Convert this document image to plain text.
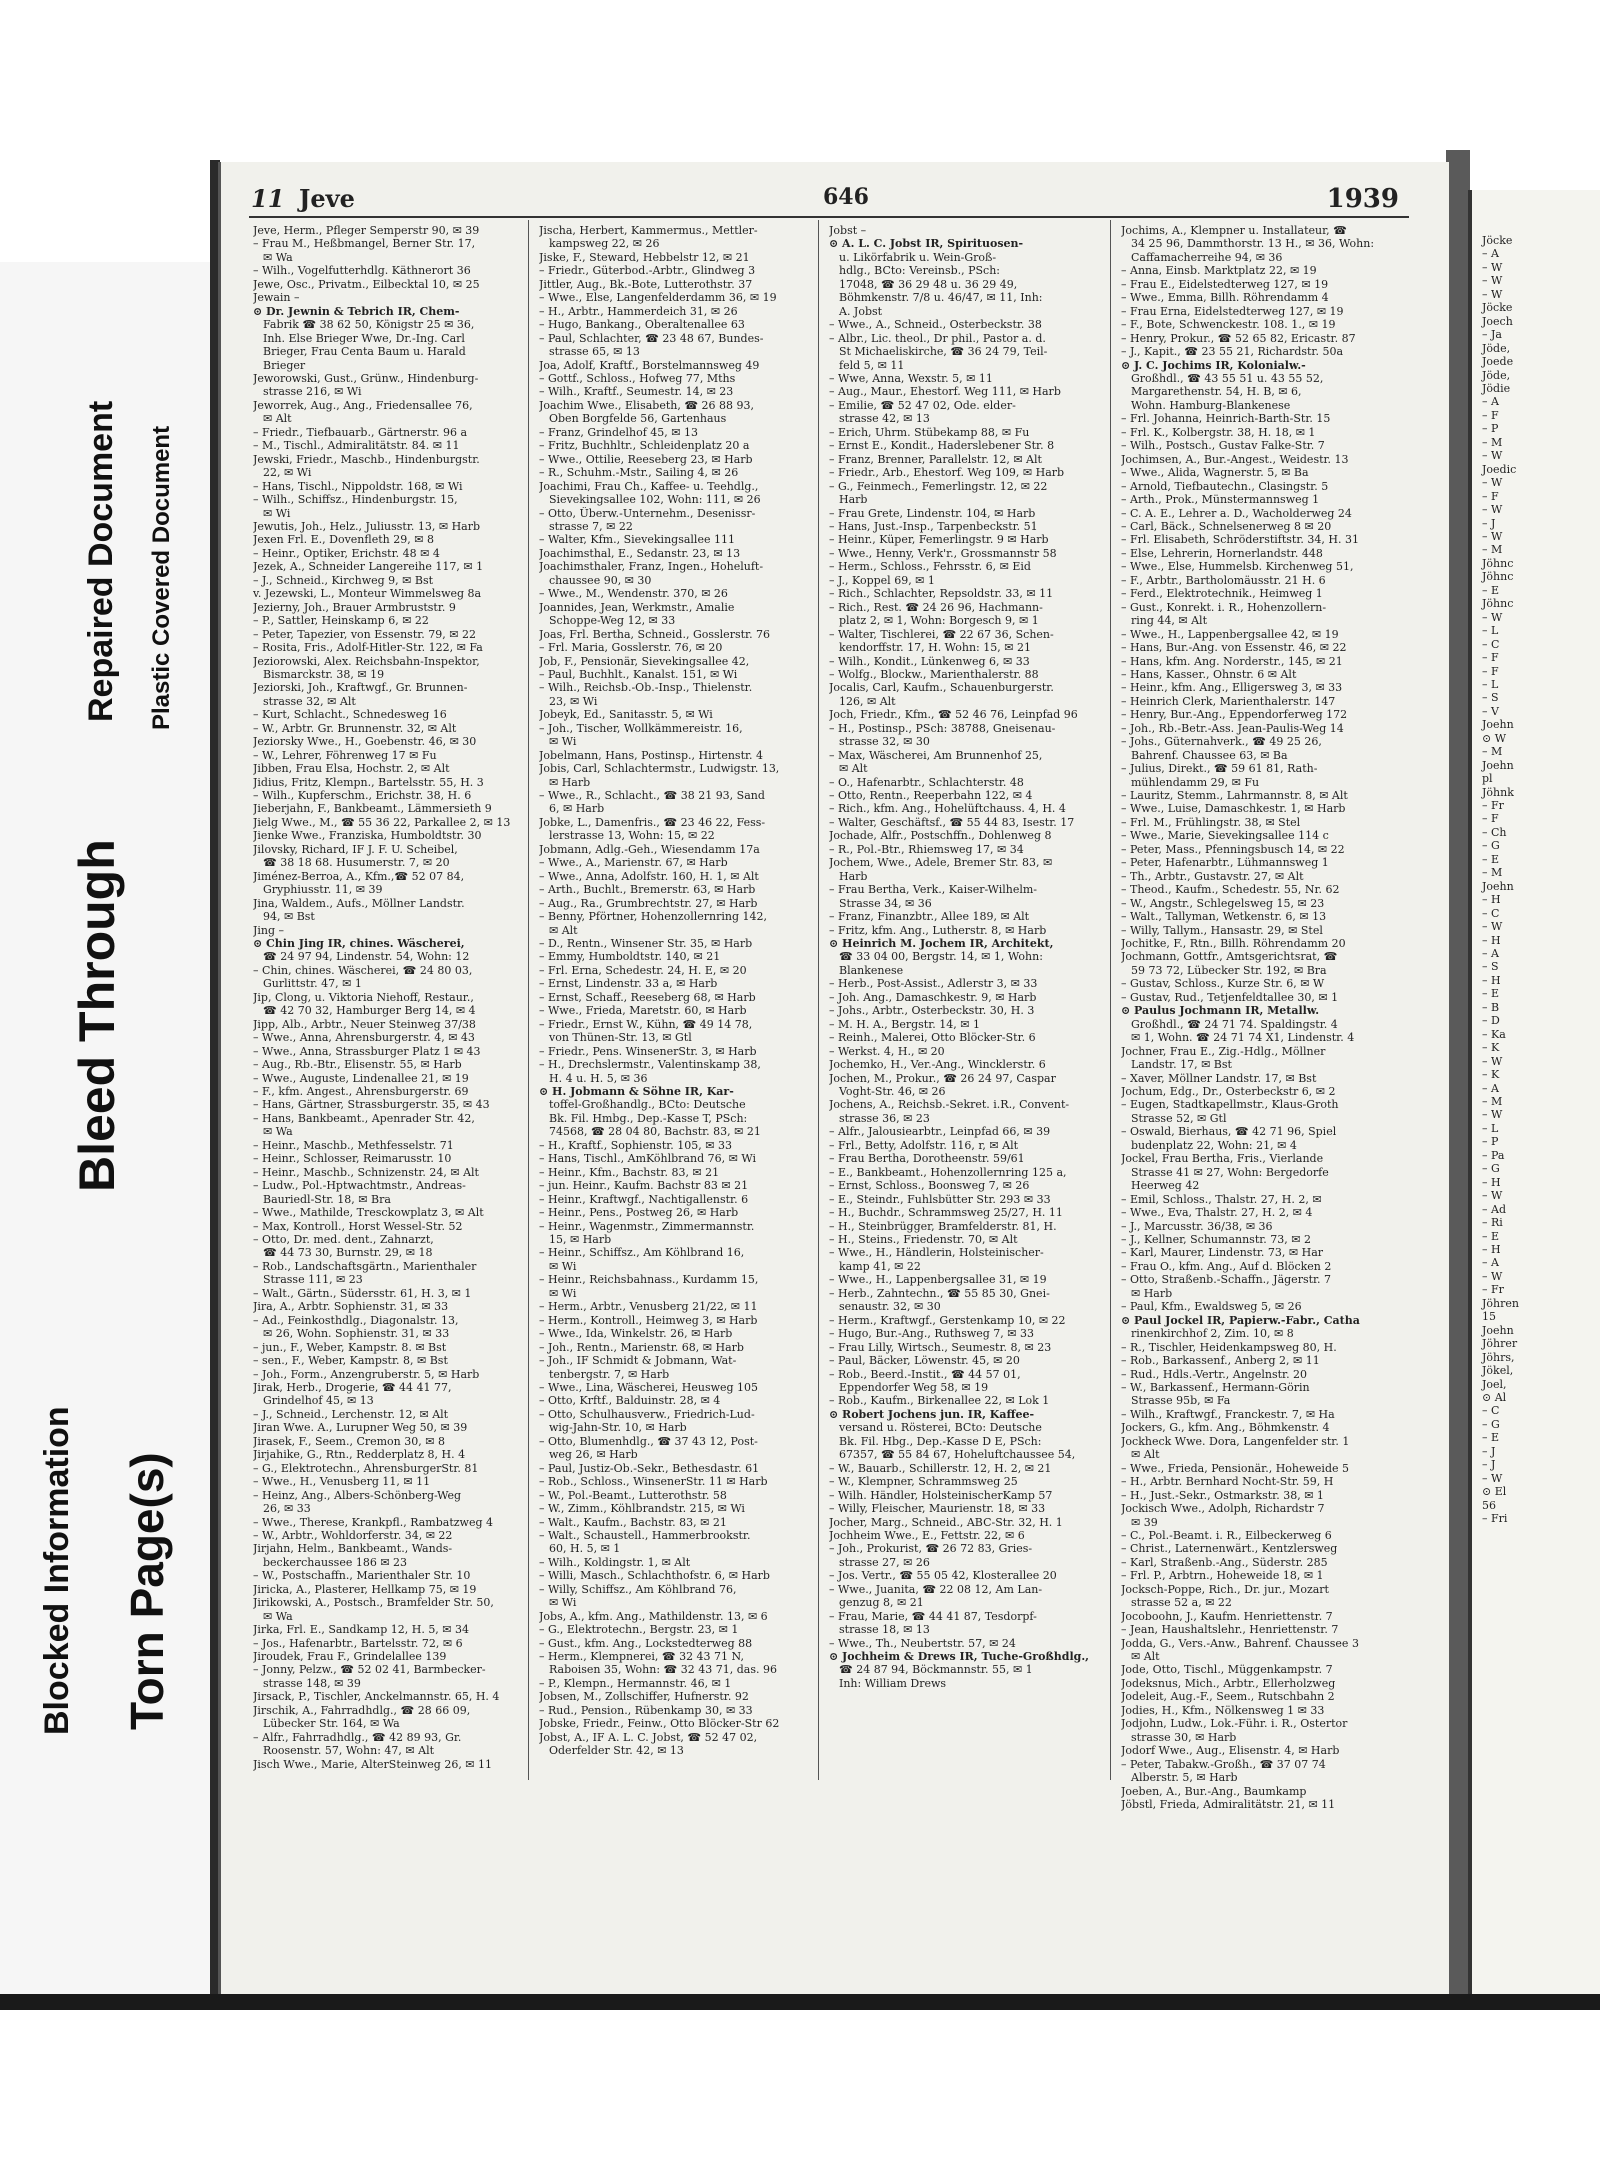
Bleed Through
Repaired Document Plastic Covered Document
Blocked Information Torn Page(s)
11 Jeve	646	1939
Jeve, Herm., Pfleger Semperstr 90, ✉ 39
– Frau M., Heßbmangel, Berner Str. 17,
✉ Wa
– Wilh., Vogelfutterhdlg. Käthnerort 36
Jewe, Osc., Privatm., Eilbecktal 10, ✉ 25
Jewain –
⊙ Dr. Jewnin & Tebrich IR, Chem-
Fabrik ☎ 38 62 50, Königstr 25 ✉ 36,
Inh. Else Brieger Wwe, Dr.-Ing. Carl
Brieger, Frau Centa Baum u. Harald
Brieger
Jeworowski, Gust., Grünw., Hindenburg-
strasse 216, ✉ Wi
Jeworrek, Aug., Ang., Friedensallee 76,
✉ Alt
– Friedr., Tiefbauarb., Gärtnerstr. 96 a
– M., Tischl., Admiralitätstr. 84. ✉ 11
Jewski, Friedr., Maschb., Hindenburgstr.
22, ✉ Wi
– Hans, Tischl., Nippoldstr. 168, ✉ Wi
– Wilh., Schiffsz., Hindenburgstr. 15,
✉ Wi
Jewutis, Joh., Helz., Juliusstr. 13, ✉ Harb
Jexen Frl. E., Dovenfleth 29, ✉ 8
– Heinr., Optiker, Erichstr. 48 ✉ 4
Jezek, A., Schneider Langereihe 117, ✉ 1
– J., Schneid., Kirchweg 9, ✉ Bst
v. Jezewski, L., Monteur Wimmelsweg 8a
Jezierny, Joh., Brauer Armbruststr. 9
– P., Sattler, Heinskamp 6, ✉ 22
– Peter, Tapezier, von Essenstr. 79, ✉ 22
– Rosita, Fris., Adolf-Hitler-Str. 122, ✉ Fa
Jeziorowski, Alex. Reichsbahn-Inspektor,
Bismarckstr. 38, ✉ 19
Jeziorski, Joh., Kraftwgf., Gr. Brunnen-
strasse 32, ✉ Alt
– Kurt, Schlacht., Schnedesweg 16
– W., Arbtr. Gr. Brunnenstr. 32, ✉ Alt
Jeziorsky Wwe., H., Goebenstr. 46, ✉ 30
– W., Lehrer, Föhrenweg 17 ✉ Fu
Jibben, Frau Elsa, Hochstr. 2, ✉ Alt
Jidius, Fritz, Klempn., Bartelsstr. 55, H. 3
– Wilh., Kupferschm., Erichstr. 38, H. 6
Jieberjahn, F., Bankbeamt., Lämmersieth 9
Jielg Wwe., M., ☎ 55 36 22, Parkallee 2, ✉ 13
Jienke Wwe., Franziska, Humboldtstr. 30
Jilovsky, Richard, IF J. F. U. Scheibel,
☎ 38 18 68. Husumerstr. 7, ✉ 20
Jiménez-Berroa, A., Kfm.,☎ 52 07 84,
Gryphiusstr. 11, ✉ 39
Jina, Waldem., Aufs., Möllner Landstr.
94, ✉ Bst
Jing –
⊙ Chin Jing IR, chines. Wäscherei,
☎ 24 97 94, Lindenstr. 54, Wohn: 12
– Chin, chines. Wäscherei, ☎ 24 80 03,
Gurlittstr. 47, ✉ 1
Jip, Clong, u. Viktoria Niehoff, Restaur.,
☎ 42 70 32, Hamburger Berg 14, ✉ 4
Jipp, Alb., Arbtr., Neuer Steinweg 37/38
– Wwe., Anna, Ahrensburgerstr. 4, ✉ 43
– Wwe., Anna, Strassburger Platz 1 ✉ 43
– Aug., Rb.-Btr., Elisenstr. 55, ✉ Harb
– Wwe., Auguste, Lindenallee 21, ✉ 19
– F., kfm. Angest., Ahrensburgerstr. 69
– Hans, Gärtner, Strassburgerstr. 35, ✉ 43
– Hans, Bankbeamt., Apenrader Str. 42,
✉ Wa
– Heinr., Maschb., Methfesselstr. 71
– Heinr., Schlosser, Reimarusstr. 10
– Heinr., Maschb., Schnizenstr. 24, ✉ Alt
– Ludw., Pol.-Hptwachtmstr., Andreas-
Bauriedl-Str. 18, ✉ Bra
– Wwe., Mathilde, Tresckowplatz 3, ✉ Alt
– Max, Kontroll., Horst Wessel-Str. 52
– Otto, Dr. med. dent., Zahnarzt,
☎ 44 73 30, Burnstr. 29, ✉ 18
– Rob., Landschaftsgärtn., Marienthaler
Strasse 111, ✉ 23
– Walt., Gärtn., Südersstr. 61, H. 3, ✉ 1
Jira, A., Arbtr. Sophienstr. 31, ✉ 33
– Ad., Feinkosthdlg., Diagonalstr. 13,
✉ 26, Wohn. Sophienstr. 31, ✉ 33
– jun., F., Weber, Kampstr. 8. ✉ Bst
– sen., F., Weber, Kampstr. 8, ✉ Bst
– Joh., Form., Anzengruberstr. 5, ✉ Harb
Jirak, Herb., Drogerie, ☎ 44 41 77,
Grindelhof 45, ✉ 13
– J., Schneid., Lerchenstr. 12, ✉ Alt
Jiran Wwe. A., Lurupner Weg 50, ✉ 39
Jirasek, F., Seem., Cremon 30, ✉ 8
Jirjahike, G., Rtn., Redderplatz 8, H. 4
– G., Elektrotechn., AhrensburgerStr. 81
– Wwe., H., Venusberg 11, ✉ 11
– Heinz, Ang., Albers-Schönberg-Weg
26, ✉ 33
– Wwe., Therese, Krankpfl., Rambatzweg 4
– W., Arbtr., Wohldorferstr. 34, ✉ 22
Jirjahn, Helm., Bankbeamt., Wands-
beckerchaussee 186 ✉ 23
– W., Postschaffn., Marienthaler Str. 10
Jiricka, A., Plasterer, Hellkamp 75, ✉ 19
Jirikowski, A., Postsch., Bramfelder Str. 50,
✉ Wa
Jirka, Frl. E., Sandkamp 12, H. 5, ✉ 34
– Jos., Hafenarbtr., Bartelsstr. 72, ✉ 6
Jiroudek, Frau F., Grindelallee 139
– Jonny, Pelzw., ☎ 52 02 41, Barmbecker-
strasse 148, ✉ 39
Jirsack, P., Tischler, Anckelmannstr. 65, H. 4
Jirschik, A., Fahrradhdlg., ☎ 28 66 09,
Lübecker Str. 164, ✉ Wa
– Alfr., Fahrradhdlg., ☎ 42 89 93, Gr.
Roosenstr. 57, Wohn: 47, ✉ Alt
Jisch Wwe., Marie, AlterSteinweg 26, ✉ 11
Jischa, Herbert, Kammermus., Mettler-
kampsweg 22, ✉ 26
Jiske, F., Steward, Hebbelstr 12, ✉ 21
– Friedr., Güterbod.-Arbtr., Glindweg 3
Jittler, Aug., Bk.-Bote, Lutterothstr. 37
– Wwe., Else, Langenfelderdamm 36, ✉ 19
– H., Arbtr., Hammerdeich 31, ✉ 26
– Hugo, Bankang., Oberaltenallee 63
– Paul, Schlachter, ☎ 23 48 67, Bundes-
strasse 65, ✉ 13
Joa, Adolf, Kraftf., Borstelmannsweg 49
– Gottf., Schloss., Hofweg 77, Mths
– Wilh., Kraftf., Seumestr. 14, ✉ 23
Joachim Wwe., Elisabeth, ☎ 26 88 93,
Oben Borgfelde 56, Gartenhaus
– Franz, Grindelhof 45, ✉ 13
– Fritz, Buchhltr., Schleidenplatz 20 a
– Wwe., Ottilie, Reeseberg 23, ✉ Harb
– R., Schuhm.-Mstr., Sailing 4, ✉ 26
Joachimi, Frau Ch., Kaffee- u. Teehdlg.,
Sievekingsallee 102, Wohn: 111, ✉ 26
– Otto, Überw.-Unternehm., Desenissr-
strasse 7, ✉ 22
– Walter, Kfm., Sievekingsallee 111
Joachimsthal, E., Sedanstr. 23, ✉ 13
Joachimsthaler, Franz, Ingen., Hoheluft-
chaussee 90, ✉ 30
– Wwe., M., Wendenstr. 370, ✉ 26
Joannides, Jean, Werkmstr., Amalie
Schoppe-Weg 12, ✉ 33
Joas, Frl. Bertha, Schneid., Gosslerstr. 76
– Frl. Maria, Gosslerstr. 76, ✉ 20
Job, F., Pensionär, Sievekingsallee 42,
– Paul, Buchhlt., Kanalst. 151, ✉ Wi
– Wilh., Reichsb.-Ob.-Insp., Thielenstr.
23, ✉ Wi
Jobeyk, Ed., Sanitasstr. 5, ✉ Wi
– Joh., Tischer, Wollkämmereistr. 16,
✉ Wi
Jobelmann, Hans, Postinsp., Hirtenstr. 4
Jobis, Carl, Schlachtermstr., Ludwigstr. 13,
✉ Harb
– Wwe., R., Schlacht., ☎ 38 21 93, Sand
6, ✉ Harb
Jobke, L., Damenfris., ☎ 23 46 22, Fess-
lerstrasse 13, Wohn: 15, ✉ 22
Jobmann, Adlg.-Geh., Wiesendamm 17a
– Wwe., A., Marienstr. 67, ✉ Harb
– Wwe., Anna, Adolfstr. 160, H. 1, ✉ Alt
– Arth., Buchlt., Bremerstr. 63, ✉ Harb
– Aug., Ra., Grumbrechtstr. 27, ✉ Harb
– Benny, Pförtner, Hohenzollernring 142,
✉ Alt
– D., Rentn., Winsener Str. 35, ✉ Harb
– Emmy, Humboldtstr. 140, ✉ 21
– Frl. Erna, Schedestr. 24, H. E, ✉ 20
– Ernst, Lindenstr. 33 a, ✉ Harb
– Ernst, Schaff., Reeseberg 68, ✉ Harb
– Wwe., Frieda, Maretstr. 60, ✉ Harb
– Friedr., Ernst W., Kühn, ☎ 49 14 78,
von Thünen-Str. 13, ✉ Gtl
– Friedr., Pens. WinsenerStr. 3, ✉ Harb
– H., Drechslermstr., Valentinskamp 38,
H. 4 u. H. 5, ✉ 36
⊙ H. Jobmann & Söhne IR, Kar-
toffel-Großhandlg., BCto: Deutsche
Bk. Fil. Hmbg., Dep.-Kasse T, PSch:
74568, ☎ 28 04 80, Bachstr. 83, ✉ 21
– H., Kraftf., Sophienstr. 105, ✉ 33
– Hans, Tischl., AmKöhlbrand 76, ✉ Wi
– Heinr., Kfm., Bachstr. 83, ✉ 21
– jun. Heinr., Kaufm. Bachstr 83 ✉ 21
– Heinr., Kraftwgf., Nachtigallenstr. 6
– Heinr., Pens., Postweg 26, ✉ Harb
– Heinr., Wagenmstr., Zimmermannstr.
15, ✉ Harb
– Heinr., Schiffsz., Am Köhlbrand 16,
✉ Wi
– Heinr., Reichsbahnass., Kurdamm 15,
✉ Wi
– Herm., Arbtr., Venusberg 21/22, ✉ 11
– Herm., Kontroll., Heimweg 3, ✉ Harb
– Wwe., Ida, Winkelstr. 26, ✉ Harb
– Joh., Rentn., Marienstr. 68, ✉ Harb
– Joh., IF Schmidt & Jobmann, Wat-
tenbergstr. 7, ✉ Harb
– Wwe., Lina, Wäscherei, Heusweg 105
– Otto, Krftf., Balduinstr. 28, ✉ 4
– Otto, Schulhausverw., Friedrich-Lud-
wig-Jahn-Str. 10, ✉ Harb
– Otto, Blumenhdlg., ☎ 37 43 12, Post-
weg 26, ✉ Harb
– Paul, Justiz-Ob.-Sekr., Bethesdastr. 61
– Rob., Schloss., WinsenerStr. 11 ✉ Harb
– W., Pol.-Beamt., Lutterothstr. 58
– W., Zimm., Köhlbrandstr. 215, ✉ Wi
– Walt., Kaufm., Bachstr. 83, ✉ 21
– Walt., Schaustell., Hammerbrookstr.
60, H. 5, ✉ 1
– Wilh., Koldingstr. 1, ✉ Alt
– Willi, Masch., Schlachthofstr. 6, ✉ Harb
– Willy, Schiffsz., Am Köhlbrand 76,
✉ Wi
Jobs, A., kfm. Ang., Mathildenstr. 13, ✉ 6
– G., Elektrotechn., Bergstr. 23, ✉ 1
– Gust., kfm. Ang., Lockstedterweg 88
– Herm., Klempnerei, ☎ 32 43 71 N,
Raboisen 35, Wohn: ☎ 32 43 71, das. 96
– P., Klempn., Hermannstr. 46, ✉ 1
Jobsen, M., Zollschiffer, Hufnerstr. 92
– Rud., Pension., Rübenkamp 30, ✉ 33
Jobske, Friedr., Feinw., Otto Blöcker-Str 62
Jobst, A., IF A. L. C. Jobst, ☎ 52 47 02,
Oderfelder Str. 42, ✉ 13
Jobst –
⊙ A. L. C. Jobst IR, Spirituosen-
u. Likörfabrik u. Wein-Groß-
hdlg., BCto: Vereinsb., PSch:
17048, ☎ 36 29 48 u. 36 29 49,
Böhmkenstr. 7/8 u. 46/47, ✉ 11, Inh:
A. Jobst
– Wwe., A., Schneid., Osterbeckstr. 38
– Albr., Lic. theol., Dr phil., Pastor a. d.
St Michaeliskirche, ☎ 36 24 79, Teil-
feld 5, ✉ 11
– Wwe, Anna, Wexstr. 5, ✉ 11
– Aug., Maur., Ehestorf. Weg 111, ✉ Harb
– Emilie, ☎ 52 47 02, Ode. elder-
strasse 42, ✉ 13
– Erich, Uhrm. Stübekamp 88, ✉ Fu
– Ernst E., Kondit., Haderslebener Str. 8
– Franz, Brenner, Parallelstr. 12, ✉ Alt
– Friedr., Arb., Ehestorf. Weg 109, ✉ Harb
– G., Feinmech., Femerlingstr. 12, ✉ 22
Harb
– Frau Grete, Lindenstr. 104, ✉ Harb
– Hans, Just.-Insp., Tarpenbeckstr. 51
– Heinr., Küper, Femerlingstr. 9 ✉ Harb
– Wwe., Henny, Verk'r., Grossmannstr 58
– Herm., Schloss., Fehrsstr. 6, ✉ Eid
– J., Koppel 69, ✉ 1
– Rich., Schlachter, Repsoldstr. 33, ✉ 11
– Rich., Rest. ☎ 24 26 96, Hachmann-
platz 2, ✉ 1, Wohn: Borgesch 9, ✉ 1
– Walter, Tischlerei, ☎ 22 67 36, Schen-
kendorffstr. 17, H. Wohn: 15, ✉ 21
– Wilh., Kondit., Lünkenweg 6, ✉ 33
– Wolfg., Blockw., Marienthalerstr. 88
Jocalis, Carl, Kaufm., Schauenburgerstr.
126, ✉ Alt
Joch, Friedr., Kfm., ☎ 52 46 76, Leinpfad 96
– H., Postinsp., PSch: 38788, Gneisenau-
strasse 32, ✉ 30
– Max, Wäscherei, Am Brunnenhof 25,
✉ Alt
– O., Hafenarbtr., Schlachterstr. 48
– Otto, Rentn., Reeperbahn 122, ✉ 4
– Rich., kfm. Ang., Hohelüftchauss. 4, H. 4
– Walter, Geschäftsf., ☎ 55 44 83, Isestr. 17
Jochade, Alfr., Postschffn., Dohlenweg 8
– R., Pol.-Btr., Rhiemsweg 17, ✉ 34
Jochem, Wwe., Adele, Bremer Str. 83, ✉
Harb
– Frau Bertha, Verk., Kaiser-Wilhelm-
Strasse 34, ✉ 36
– Franz, Finanzbtr., Allee 189, ✉ Alt
– Fritz, kfm. Ang., Lutherstr. 8, ✉ Harb
⊙ Heinrich M. Jochem IR, Architekt,
☎ 33 04 00, Bergstr. 14, ✉ 1, Wohn:
Blankenese
– Herb., Post-Assist., Adlerstr 3, ✉ 33
– Joh. Ang., Damaschkestr. 9, ✉ Harb
– Johs., Arbtr., Osterbeckstr. 30, H. 3
– M. H. A., Bergstr. 14, ✉ 1
– Reinh., Malerei, Otto Blöcker-Str. 6
– Werkst. 4, H., ✉ 20
Jochemko, H., Ver.-Ang., Wincklerstr. 6
Jochen, M., Prokur., ☎ 26 24 97, Caspar
Voght-Str. 46, ✉ 26
Jochens, A., Reichsb.-Sekret. i.R., Convent-
strasse 36, ✉ 23
– Alfr., Jalousiearbtr., Leinpfad 66, ✉ 39
– Frl., Betty, Adolfstr. 116, r, ✉ Alt
– Frau Bertha, Dorotheenstr. 59/61
– E., Bankbeamt., Hohenzollernring 125 a,
– Ernst, Schloss., Boonsweg 7, ✉ 26
– E., Steindr., Fuhlsbütter Str. 293 ✉ 33
– H., Buchdr., Schrammsweg 25/27, H. 11
– H., Steinbrügger, Bramfelderstr. 81, H.
– H., Steins., Friedenstr. 70, ✉ Alt
– Wwe., H., Händlerin, Holsteinischer-
kamp 41, ✉ 22
– Wwe., H., Lappenbergsallee 31, ✉ 19
– Herb., Zahntechn., ☎ 55 85 30, Gnei-
senaustr. 32, ✉ 30
– Herm., Kraftwgf., Gerstenkamp 10, ✉ 22
– Hugo, Bur.-Ang., Ruthsweg 7, ✉ 33
– Frau Lilly, Wirtsch., Seumestr. 8, ✉ 23
– Paul, Bäcker, Löwenstr. 45, ✉ 20
– Rob., Beerd.-Instit., ☎ 44 57 01,
Eppendorfer Weg 58, ✉ 19
– Rob., Kaufm., Birkenallee 22, ✉ Lok 1
⊙ Robert Jochens jun. IR, Kaffee-
versand u. Rösterei, BCto: Deutsche
Bk. Fil. Hbg., Dep.-Kasse D E, PSch:
67357, ☎ 55 84 67, Hoheluftchaussee 54,
– W., Bauarb., Schillerstr. 12, H. 2, ✉ 21
– W., Klempner, Schrammsweg 25
– Wilh. Händler, HolsteinischerKamp 57
– Willy, Fleischer, Maurienstr. 18, ✉ 33
Jocher, Marg., Schneid., ABC-Str. 32, H. 1
Jochheim Wwe., E., Fettstr. 22, ✉ 6
– Joh., Prokurist, ☎ 26 72 83, Gries-
strasse 27, ✉ 26
– Jos. Vertr., ☎ 55 05 42, Klosterallee 20
– Wwe., Juanita, ☎ 22 08 12, Am Lan-
genzug 8, ✉ 21
– Frau, Marie, ☎ 44 41 87, Tesdorpf-
strasse 18, ✉ 13
– Wwe., Th., Neubertstr. 57, ✉ 24
⊙ Jochheim & Drews IR, Tuche-Großhdlg.,
☎ 24 87 94, Böckmannstr. 55, ✉ 1
Inh: William Drews
Jochims, A., Klempner u. Installateur, ☎
34 25 96, Dammthorstr. 13 H., ✉ 36, Wohn:
Caffamacherreihe 94, ✉ 36
– Anna, Einsb. Marktplatz 22, ✉ 19
– Frau E., Eidelstedterweg 127, ✉ 19
– Wwe., Emma, Billh. Röhrendamm 4
– Frau Erna, Eidelstedterweg 127, ✉ 19
– F., Bote, Schwenckestr. 108. 1., ✉ 19
– Henry, Prokur., ☎ 52 65 82, Ericastr. 87
– J., Kapit., ☎ 23 55 21, Richardstr. 50a
⊙ J. C. Jochims IR, Kolonialw.-
Großhdl., ☎ 43 55 51 u. 43 55 52,
Margarethenstr. 54, H. B, ✉ 6,
Wohn. Hamburg-Blankenese
– Frl. Johanna, Heinrich-Barth-Str. 15
– Frl. K., Kolbergstr. 38, H. 18, ✉ 1
– Wilh., Postsch., Gustav Falke-Str. 7
Jochimsen, A., Bur.-Angest., Weidestr. 13
– Wwe., Alida, Wagnerstr. 5, ✉ Ba
– Arnold, Tiefbautechn., Clasingstr. 5
– Arth., Prok., Münstermannsweg 1
– C. A. E., Lehrer a. D., Wacholderweg 24
– Carl, Bäck., Schnelsenerweg 8 ✉ 20
– Frl. Elisabeth, Schröderstiftstr. 34, H. 31
– Else, Lehrerin, Hornerlandstr. 448
– Wwe., Else, Hummelsb. Kirchenweg 51,
– F., Arbtr., Bartholomäusstr. 21 H. 6
– Ferd., Elektrotechnik., Heimweg 1
– Gust., Konrekt. i. R., Hohenzollern-
ring 44, ✉ Alt
– Wwe., H., Lappenbergsallee 42, ✉ 19
– Hans, Bur.-Ang. von Essenstr. 46, ✉ 22
– Hans, kfm. Ang. Norderstr., 145, ✉ 21
– Hans, Kasser., Ohnstr. 6 ✉ Alt
– Heinr., kfm. Ang., Elligersweg 3, ✉ 33
– Heinrich Clerk, Marienthalerstr. 147
– Henry, Bur.-Ang., Eppendorferweg 172
– Joh., Rb.-Betr.-Ass. Jean-Paulis-Weg 14
– Johs., Güternahverk., ☎ 49 25 26,
Bahrenf. Chaussee 63, ✉ Ba
– Julius, Direkt., ☎ 59 61 81, Rath-
mühlendamm 29, ✉ Fu
– Lauritz, Stemm., Lahrmannstr. 8, ✉ Alt
– Wwe., Luise, Damaschkestr. 1, ✉ Harb
– Frl. M., Frühlingstr. 38, ✉ Stel
– Wwe., Marie, Sievekingsallee 114 c
– Peter, Mass., Pfenningsbusch 14, ✉ 22
– Peter, Hafenarbtr., Lühmannsweg 1
– Th., Arbtr., Gustavstr. 27, ✉ Alt
– Theod., Kaufm., Schedestr. 55, Nr. 62
– W., Angstr., Schlegelsweg 15, ✉ 23
– Walt., Tallyman, Wetkenstr. 6, ✉ 13
– Willy, Tallym., Hansastr. 29, ✉ Stel
Jochitke, F., Rtn., Billh. Röhrendamm 20
Jochmann, Gottfr., Amtsgerichtsrat, ☎
59 73 72, Lübecker Str. 192, ✉ Bra
– Gustav, Schloss., Kurze Str. 6, ✉ W
– Gustav, Rud., Tetjenfeldtallee 30, ✉ 1
⊙ Paulus Jochmann IR, Metallw.
Großhdl., ☎ 24 71 74. Spaldingstr. 4
✉ 1, Wohn. ☎ 24 71 74 X1, Lindenstr. 4
Jochner, Frau E., Zig.-Hdlg., Möllner
Landstr. 17, ✉ Bst
– Xaver, Möllner Landstr. 17, ✉ Bst
Jochum, Edg., Dr., Osterbeckstr 6, ✉ 2
– Eugen, Stadtkapellmstr., Klaus-Groth
Strasse 52, ✉ Gtl
– Oswald, Bierhaus, ☎ 42 71 96, Spiel
budenplatz 22, Wohn: 21, ✉ 4
Jockel, Frau Bertha, Fris., Vierlande
Strasse 41 ✉ 27, Wohn: Bergedorfe
Heerweg 42
– Emil, Schloss., Thalstr. 27, H. 2, ✉
– Wwe., Eva, Thalstr. 27, H. 2, ✉ 4
– J., Marcusstr. 36/38, ✉ 36
– J., Kellner, Schumannstr. 73, ✉ 2
– Karl, Maurer, Lindenstr. 73, ✉ Har
– Frau O., kfm. Ang., Auf d. Blöcken 2
– Otto, Straßenb.-Schaffn., Jägerstr. 7
✉ Harb
– Paul, Kfm., Ewaldsweg 5, ✉ 26
⊙ Paul Jockel IR, Papierw.-Fabr., Catha
rinenkirchhof 2, Zim. 10, ✉ 8
– R., Tischler, Heidenkampsweg 80, H.
– Rob., Barkassenf., Anberg 2, ✉ 11
– Rud., Hdls.-Vertr., Angelnstr. 20
– W., Barkassenf., Hermann-Görin
Strasse 95b, ✉ Fa
– Wilh., Kraftwgf., Franckestr. 7, ✉ Ha
Jockers, G., kfm. Ang., Böhmkenstr. 4
Jockheck Wwe. Dora, Langenfelder str. 1
✉ Alt
– Wwe., Frieda, Pensionär., Hoheweide 5
– H., Arbtr. Bernhard Nocht-Str. 59, H
– H., Just.-Sekr., Ostmarkstr. 38, ✉ 1
Jockisch Wwe., Adolph, Richardstr 7
✉ 39
– C., Pol.-Beamt. i. R., Eilbeckerweg 6
– Christ., Laternenwärt., Kentzlersweg
– Karl, Straßenb.-Ang., Süderstr. 285
– Frl. P., Arbtrn., Hoheweide 18, ✉ 1
Jocksch-Poppe, Rich., Dr. jur., Mozart
strasse 52 a, ✉ 22
Jocoboohn, J., Kaufm. Henriettenstr. 7
– Jean, Haushaltslehr., Henriettenstr. 7
Jodda, G., Vers.-Anw., Bahrenf. Chaussee 3
✉ Alt
Jode, Otto, Tischl., Müggenkampstr. 7
Jodeksnus, Mich., Arbtr., Ellerholzweg
Jodeleit, Aug.-F., Seem., Rutschbahn 2
Jodies, H., Kfm., Nölkensweg 1 ✉ 33
Jodjohn, Ludw., Lok.-Führ. i. R., Ostertor
strasse 30, ✉ Harb
Jodorf Wwe., Aug., Elisenstr. 4, ✉ Harb
– Peter, Tabakw.-Großh., ☎ 37 07 74
Alberstr. 5, ✉ Harb
Joeben, A., Bur.-Ang., Baumkamp
Jöbstl, Frieda, Admiralitätstr. 21, ✉ 11
Jöcke
– A
– W
– W
– W
Jöcke
Joech
– Ja
Jöde,
Joede
Jöde,
Jödie
– A
– F
– P
– M
– W
Joedic
– W
– F
– W
– J
– W
– M
Jöhnc
Jöhnc
– E
Jöhnc
– W
– L
– C
– F
– F
– L
– S
– V
Joehn
⊙ W
– M
Joehn
pl
Jöhnk
– Fr
– F
– Ch
– G
– E
– M
Joehn
– H
– C
– W
– H
– A
– S
– H
– E
– B
– D
– Ka
– K
– W
– K
– A
– M
– W
– L
– P
– Pa
– G
– H
– W
– Ad
– Ri
– E
– H
– A
– W
– Fr
Jöhren
15
Joehn
Jöhrer
Jöhrs,
Jökel,
Joel,
⊙ Al
– C
– G
– E
– J
– J
– W
⊙ El
56
– Fri
